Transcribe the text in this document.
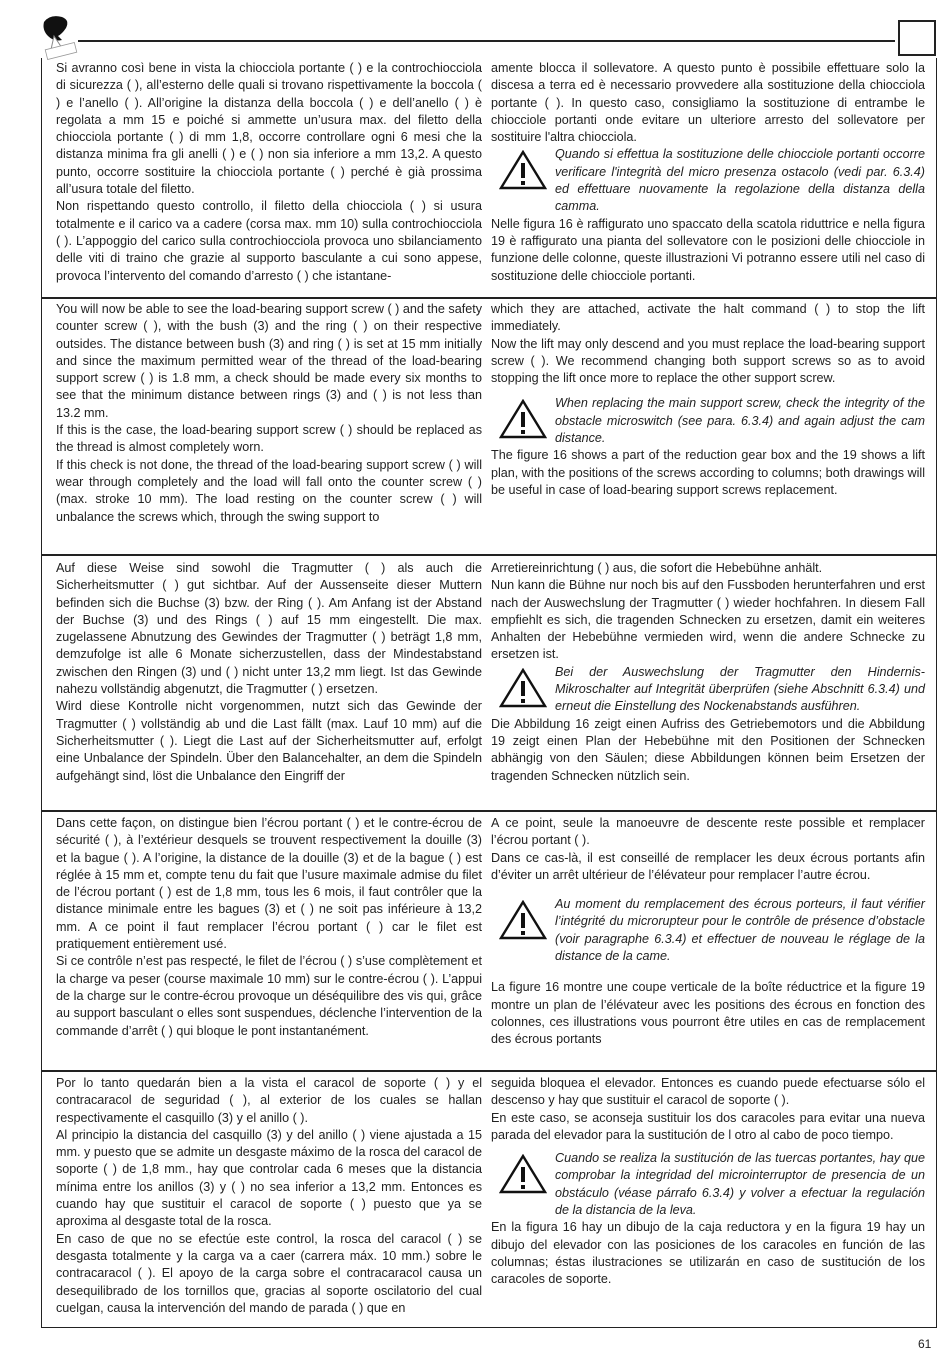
Si avranno così bene in vista la chiocciola portante ( ) e la controchiocciola di sicurezza ( ), all’esterno delle quali si trovano rispettivamente la boccola ( ) e l’anello ( ). All’origine la distanza della boccola ( ) e dell’anello ( ) è regolata a mm 15 e poiché si ammette un’usura max. del filetto della chiocciola portante ( ) di mm 1,8, occorre controllare ogni 6 mesi che la distanza minima fra gli anelli ( ) e ( ) non sia inferiore a mm 13,2. A questo punto, occorre sostituire la chiocciola portante ( ) perché è già prossima all’usura totale del filetto.

Non rispettando questo controllo, il filetto della chiocciola ( ) si usura totalmente e il carico va a cadere (corsa max. mm 10) sulla controchiocciola ( ). L’appoggio del carico sulla controchiocciola provoca uno sbilanciamento delle viti di traino che grazie al supporto basculante a cui sono appese, provoca l’intervento del comando d’arresto ( ) che istantane-

amente blocca il sollevatore. A questo punto è possibile effettuare solo la discesa a terra ed è necessario provvedere alla sostituzione della chiocciola portante ( ). In questo caso, consigliamo la sostituzione di entrambe le chiocciole portanti onde evitare un ulteriore arresto del sollevatore per sostituire l'altra chiocciola.

Quando si effettua la sostituzione delle chiocciole portanti occorre verificare l'integrità del micro presenza ostacolo (vedi par. 6.3.4) ed effettuare nuovamente la regolazione della distanza della camma.

Nelle figura 16 è raffigurato uno spaccato della scatola riduttrice e nella figura 19 è raffigurato una pianta del sollevatore con le posizioni delle chiocciole in funzione delle colonne, queste illustrazioni Vi potranno essere utili nel caso di sostituzione delle chiocciole portanti.

You will now be able to see the load-bearing support screw ( ) and the safety counter screw ( ), with the bush (3) and the ring ( ) on their respective outsides. The distance between bush (3) and ring ( ) is set at 15 mm initially and since the maximum permitted wear of the thread of the load-bearing support screw ( ) is 1.8 mm, a check should be made every six months to see that the minimum distance between rings (3) and ( ) is not less than 13.2 mm.

If this is the case, the load-bearing support screw ( ) should be replaced as the thread is almost completely worn.

If this check is not done, the thread of the load-bearing support screw ( ) will wear through completely and the load will fall onto the counter screw ( ) (max. stroke 10 mm). The load resting on the counter screw ( ) will unbalance the screws which, through the swing support to

which they are attached, activate the halt command ( ) to stop the lift immediately.

Now the lift may only descend and you must replace the load-bearing support screw ( ). We recommend changing both support screws so as to avoid stopping the lift once more to replace the other support screw.

When replacing the main support screw, check the integrity of the obstacle microswitch (see para. 6.3.4) and again adjust the cam distance.

The figure 16 shows a part of the reduction gear box and the 19 shows a lift plan, with the positions of the screws according to columns; both drawings will be useful in case of load-bearing support screws replacement.

Auf diese Weise sind sowohl die Tragmutter ( ) als auch die Sicherheitsmutter ( ) gut sichtbar. Auf der Aussenseite dieser Muttern befinden sich die Buchse (3) bzw. der Ring ( ). Am Anfang ist der Abstand der Buchse (3) und des Rings ( ) auf 15 mm eingestellt. Die max. zugelassene Abnutzung des Gewindes der Tragmutter ( ) beträgt 1,8 mm, demzufolge ist alle 6 Monate sicherzustellen, dass der Mindestabstand zwischen den Ringen (3) und ( ) nicht unter 13,2 mm liegt. Ist das Gewinde nahezu vollständig abgenutzt, die Tragmutter ( ) ersetzen.

Wird diese Kontrolle nicht vorgenommen, nutzt sich das Gewinde der Tragmutter ( ) vollständig ab und die Last fällt (max. Lauf 10 mm) auf die Sicherheitsmutter ( ). Liegt die Last auf der Sicherheitsmutter auf, erfolgt eine Unbalance der Spindeln. Über den Balancehalter, an dem die Spindeln aufgehängt sind, löst die Unbalance den Eingriff der

Arretiereinrichtung ( ) aus, die sofort die Hebebühne anhält.

Nun kann die Bühne nur noch bis auf den Fussboden herunterfahren und erst nach der Auswechslung der Tragmutter ( ) wieder hochfahren. In diesem Fall empfiehlt es sich, die tragenden Schnecken zu ersetzen, damit ein weiteres Anhalten der Hebebühne vermieden wird, wenn die andere Schnecke zu ersetzen ist.

Bei der Auswechslung der Tragmutter den Hindernis-Mikroschalter auf Integrität überprüfen (siehe Abschnitt 6.3.4) und erneut die Einstellung des Nockenabstands ausführen.

Die Abbildung 16 zeigt einen Aufriss des Getriebemotors und die Abbildung 19 zeigt einen Plan der Hebebühne mit den Positionen der Schnecken abhängig von den Säulen; diese Abbildungen können beim Ersetzen der tragenden Schnecken nützlich sein.

Dans cette façon, on distingue bien l’écrou portant ( ) et le contre-écrou de sécurité ( ), à l’extérieur desquels se trouvent respectivement la douille (3) et la bague ( ). A l’origine, la distance de la douille (3) et de la bague ( ) est réglée à 15 mm et, compte tenu du fait que l’usure maximale admise du filet de l’écrou portant ( ) est de 1,8 mm, tous les 6 mois, il faut contrôler que la distance minimale entre les bagues (3) et ( ) ne soit pas inférieure à 13,2 mm. A ce point il faut remplacer l’écrou portant ( ) car le filet est pratiquement entièrement usé.

Si ce contrôle n’est pas respecté, le filet de l’écrou ( ) s’use complètement et la charge va peser (course maximale 10 mm) sur le contre-écrou ( ). L’appui de la charge sur le contre-écrou provoque un déséquilibre des vis qui, grâce au support basculant o elles sont suspendues, déclenche l’intervention de la commande d’arrêt ( ) qui bloque le pont instantanément.

A ce point, seule la manoeuvre de descente reste possible et remplacer l’écrou portant ( ).

Dans ce cas-là, il est conseillé de remplacer les deux écrous portants afin d’éviter un arrêt ultérieur de l’élévateur pour remplacer l’autre écrou.

Au moment du remplacement des écrous porteurs, il faut vérifier l’intégrité du microrupteur pour le contrôle de présence d’obstacle (voir paragraphe 6.3.4) et effectuer de nouveau le réglage de la distance de la came.

La figure 16 montre une coupe verticale de la boîte réductrice et la figure 19 montre un plan de l’élévateur avec les positions des écrous en fonction des colonnes, ces illustrations vous pourront être utiles en cas de remplacement des écrous portants

Por lo tanto quedarán bien a la vista el caracol de soporte ( ) y el contracaracol de seguridad ( ), al exterior de los cuales se hallan respectivamente el casquillo (3) y el anillo ( ).

Al principio la distancia del casquillo (3) y del anillo ( ) viene ajustada a 15 mm. y puesto que se admite un desgaste máximo de la rosca del caracol de soporte ( ) de 1,8 mm., hay que controlar cada 6 meses que la distancia mínima entre los anillos (3) y ( ) no sea inferior a 13,2 mm. Entonces es cuando hay que sustituir el caracol de soporte ( ) puesto que ya se aproxima al desgaste total de la rosca.

En caso de que no se efectúe este control, la rosca del caracol ( ) se desgasta totalmente y la carga va a caer (carrera máx. 10 mm.) sobre le contracaracol ( ). El apoyo de la carga sobre el contracaracol causa un desequilibrado de los tornillos que, gracias al soporte oscilatorio del cual cuelgan, causa la intervención del mando de parada ( ) que en

seguida bloquea el elevador. Entonces es cuando puede efectuarse sólo el descenso y hay que sustituir el caracol de soporte ( ).

En este caso, se aconseja sustituir los dos caracoles para evitar una nueva parada del elevador para la sustitución de l otro al cabo de poco tiempo.

Cuando se realiza la sustitución de las tuercas portantes, hay que comprobar la integridad del microinterruptor de presencia de un obstáculo (véase párrafo 6.3.4) y volver a efectuar la regulación de la distancia de la leva.

En la figura 16 hay un dibujo de la caja reductora y en la figura 19 hay un dibujo del elevador con las posiciones de los caracoles en función de las columnas; éstas ilustraciones se utilizarán en caso de sustitución de los caracoles de soporte.

61
